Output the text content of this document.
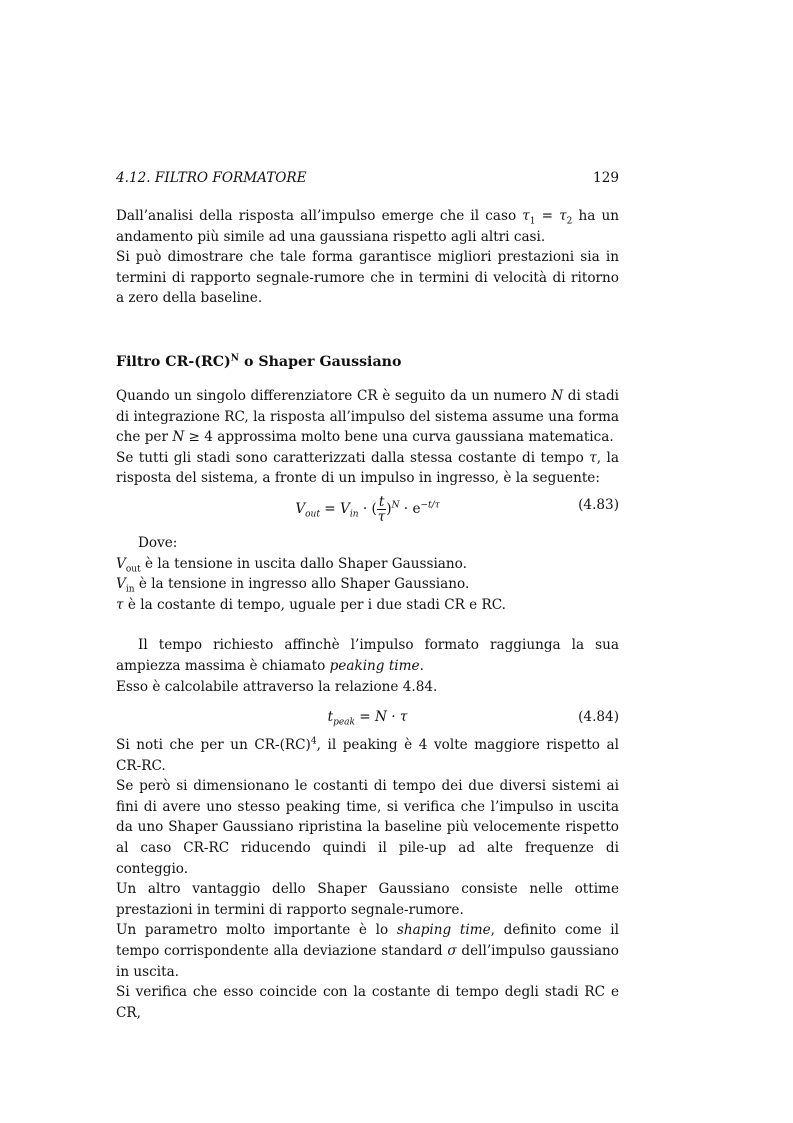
4.12. FILTRO FORMATORE	129

Dall’analisi della risposta all’impulso emerge che il caso $\tau_1 = \tau_2$ ha un andamento più simile ad una gaussiana rispetto agli altri casi.

Si può dimostrare che tale forma garantisce migliori prestazioni sia in termini di rapporto segnale-rumore che in termini di velocità di ritorno a zero della baseline.

Filtro CR-(RC)$^N$ o Shaper Gaussiano

Quando un singolo differenziatore CR è seguito da un numero N di stadi di integrazione RC, la risposta all’impulso del sistema assume una forma che per N ≥ 4 approssima molto bene una curva gaussiana matematica.

Se tutti gli stadi sono caratterizzati dalla stessa costante di tempo τ, la risposta del sistema, a fronte di un impulso in ingresso, è la seguente:

$V_{out} = V_{in}$ · ( $\frac{t}{\tau} )^N \cdot e^{-t/\tau}$	(4.83)

Dove:

$V_{out}$ è la tensione in uscita dallo Shaper Gaussiano.

$V_{in}$ è la tensione in ingresso allo Shaper Gaussiano.

τ è la costante di tempo, uguale per i due stadi CR e RC.

Il tempo richiesto affinchè l’impulso formato raggiunga la sua ampiezza massima è chiamato peaking time.

Esso è calcolabile attraverso la relazione 4.84.

$t_{peak} = N \cdot \tau$	(4.84)

Si noti che per un CR-(RC)$^4$, il peaking è 4 volte maggiore rispetto al CR-RC.

Se però si dimensionano le costanti di tempo dei due diversi sistemi ai fini di avere uno stesso peaking time, si verifica che l’impulso in uscita da uno Shaper Gaussiano ripristina la baseline più velocemente rispetto al caso CR-RC riducendo quindi il pile-up ad alte frequenze di conteggio.

Un altro vantaggio dello Shaper Gaussiano consiste nelle ottime prestazioni in termini di rapporto segnale-rumore.

Un parametro molto importante è lo shaping time, definito come il tempo corrispondente alla deviazione standard σ dell’impulso gaussiano in uscita.

Si verifica che esso coincide con la costante di tempo degli stadi RC e CR,
